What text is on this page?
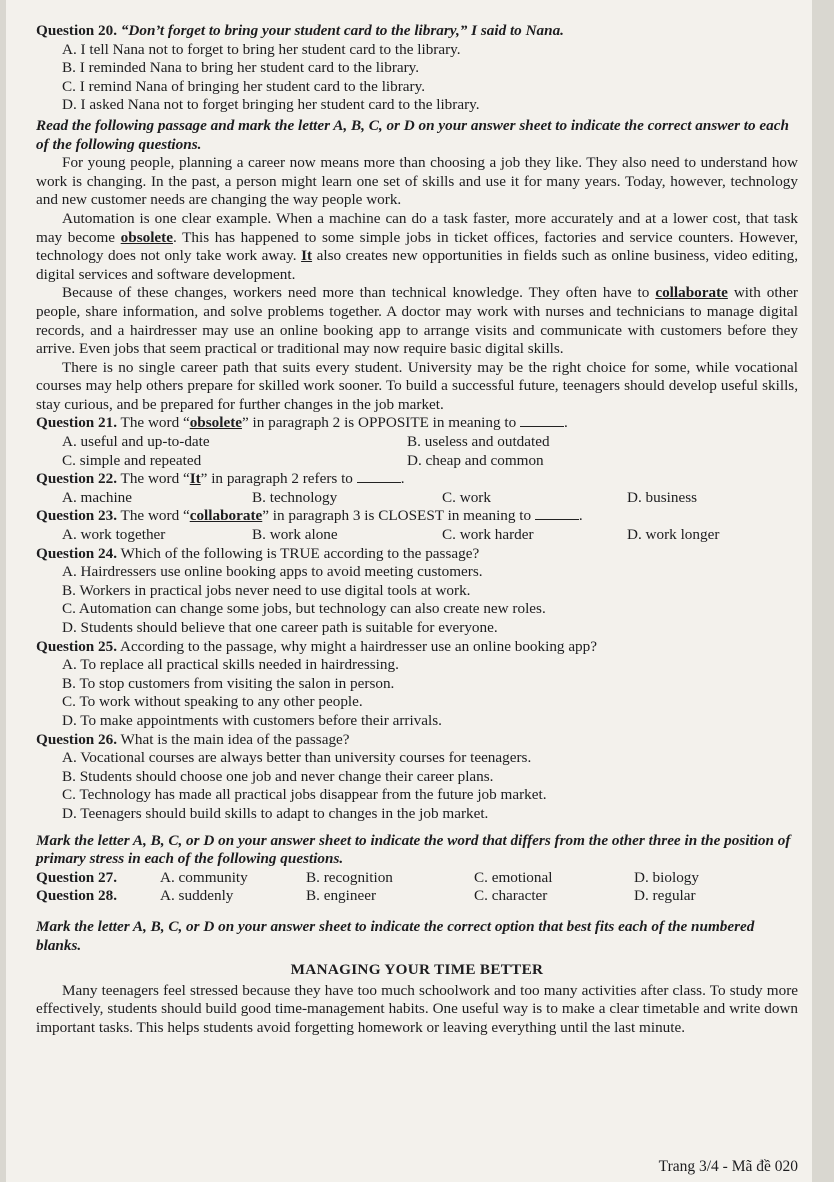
Question 20. “Don’t forget to bring your student card to the library,” I said to Nana.

A. I tell Nana not to forget to bring her student card to the library.

B. I reminded Nana to bring her student card to the library.

C. I remind Nana of bringing her student card to the library.

D. I asked Nana not to forget bringing her student card to the library.

Read the following passage and mark the letter A, B, C, or D on your answer sheet to indicate the correct answer to each of the following questions.

For young people, planning a career now means more than choosing a job they like. They also need to understand how work is changing. In the past, a person might learn one set of skills and use it for many years. Today, however, technology and new customer needs are changing the way people work.

Automation is one clear example. When a machine can do a task faster, more accurately and at a lower cost, that task may become obsolete. This has happened to some simple jobs in ticket offices, factories and service counters. However, technology does not only take work away. It also creates new opportunities in fields such as online business, video editing, digital services and software development.

Because of these changes, workers need more than technical knowledge. They often have to collaborate with other people, share information, and solve problems together. A doctor may work with nurses and technicians to manage digital records, and a hairdresser may use an online booking app to arrange visits and communicate with customers before they arrive. Even jobs that seem practical or traditional may now require basic digital skills.

There is no single career path that suits every student. University may be the right choice for some, while vocational courses may help others prepare for skilled work sooner. To build a successful future, teenagers should develop useful skills, stay curious, and be prepared for further changes in the job market.

Question 21. The word “obsolete” in paragraph 2 is OPPOSITE in meaning to	.

A. useful and up-to-date	B. useless and outdated
C. simple and repeated	D. cheap and common

Question 22. The word “It” in paragraph 2 refers to	.

A. machine	B. technology	C. work	D. business

Question 23. The word “collaborate” in paragraph 3 is CLOSEST in meaning to	.

A. work together	B. work alone	C. work harder	D. work longer

Question 24. Which of the following is TRUE according to the passage?

A. Hairdressers use online booking apps to avoid meeting customers.

B. Workers in practical jobs never need to use digital tools at work.

C. Automation can change some jobs, but technology can also create new roles.

D. Students should believe that one career path is suitable for everyone.

Question 25. According to the passage, why might a hairdresser use an online booking app?

A. To replace all practical skills needed in hairdressing.

B. To stop customers from visiting the salon in person.

C. To work without speaking to any other people.

D. To make appointments with customers before their arrivals.

Question 26. What is the main idea of the passage?

A. Vocational courses are always better than university courses for teenagers.

B. Students should choose one job and never change their career plans.

C. Technology has made all practical jobs disappear from the future job market.

D. Teenagers should build skills to adapt to changes in the job market.

Mark the letter A, B, C, or D on your answer sheet to indicate the word that differs from the other three in the position of primary stress in each of the following questions.

Question 27.	A. community	B. recognition	C. emotional	D. biology
Question 28.	A. suddenly	B. engineer	C. character	D. regular

Mark the letter A, B, C, or D on your answer sheet to indicate the correct option that best fits each of the numbered blanks.

MANAGING YOUR TIME BETTER

Many teenagers feel stressed because they have too much schoolwork and too many activities after class. To study more effectively, students should build good time-management habits. One useful way is to make a clear timetable and write down important tasks. This helps students avoid forgetting homework or leaving everything until the last minute.

Trang 3/4 - Mã đề 020
